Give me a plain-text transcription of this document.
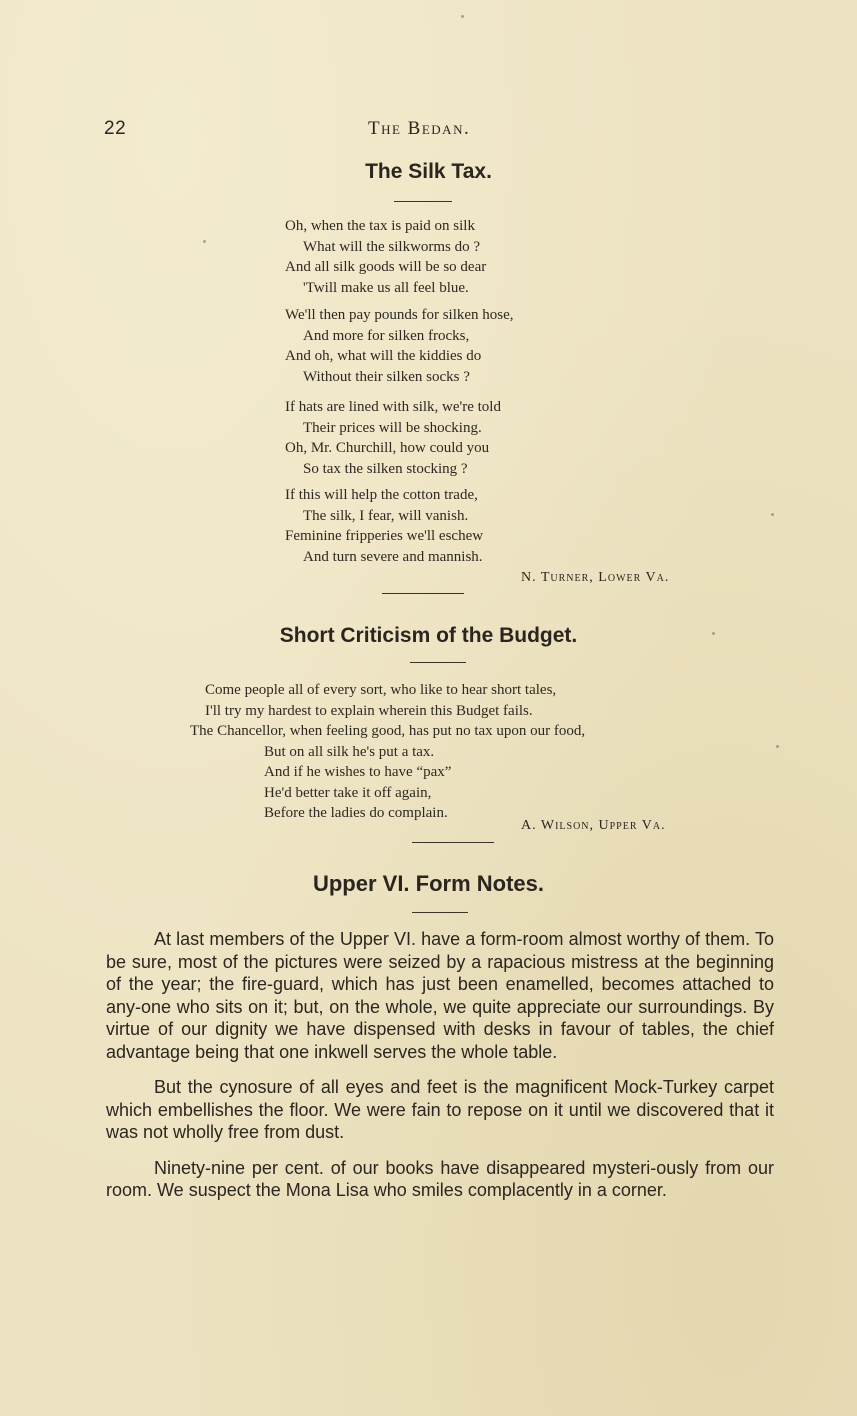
22	The Bedan.
The Silk Tax.
Oh, when the tax is paid on silk
What will the silkworms do ?
And all silk goods will be so dear
'Twill make us all feel blue.
We'll then pay pounds for silken hose,
And more for silken frocks,
And oh, what will the kiddies do
Without their silken socks ?
If hats are lined with silk, we're told
Their prices will be shocking.
Oh, Mr. Churchill, how could you
So tax the silken stocking ?
If this will help the cotton trade,
The silk, I fear, will vanish.
Feminine fripperies we'll eschew
And turn severe and mannish.
N. Turner, Lower Va.
Short Criticism of the Budget.
Come people all of every sort, who like to hear short tales,
I'll try my hardest to explain wherein this Budget fails.
The Chancellor, when feeling good, has put no tax upon our food,
But on all silk he's put a tax.
And if he wishes to have “pax”
He'd better take it off again,
Before the ladies do complain.
A. Wilson, Upper Va.
Upper VI. Form Notes.

At last members of the Upper VI. have a form-room almost worthy of them. To be sure, most of the pictures were seized by a rapacious mistress at the beginning of the year; the fire-guard, which has just been enamelled, becomes attached to any-one who sits on it; but, on the whole, we quite appreciate our surroundings. By virtue of our dignity we have dispensed with desks in favour of tables, the chief advantage being that one inkwell serves the whole table.

But the cynosure of all eyes and feet is the magnificent Mock-Turkey carpet which embellishes the floor. We were fain to repose on it until we discovered that it was not wholly free from dust.

Ninety-nine per cent. of our books have disappeared mysteri-ously from our room. We suspect the Mona Lisa who smiles complacently in a corner.
